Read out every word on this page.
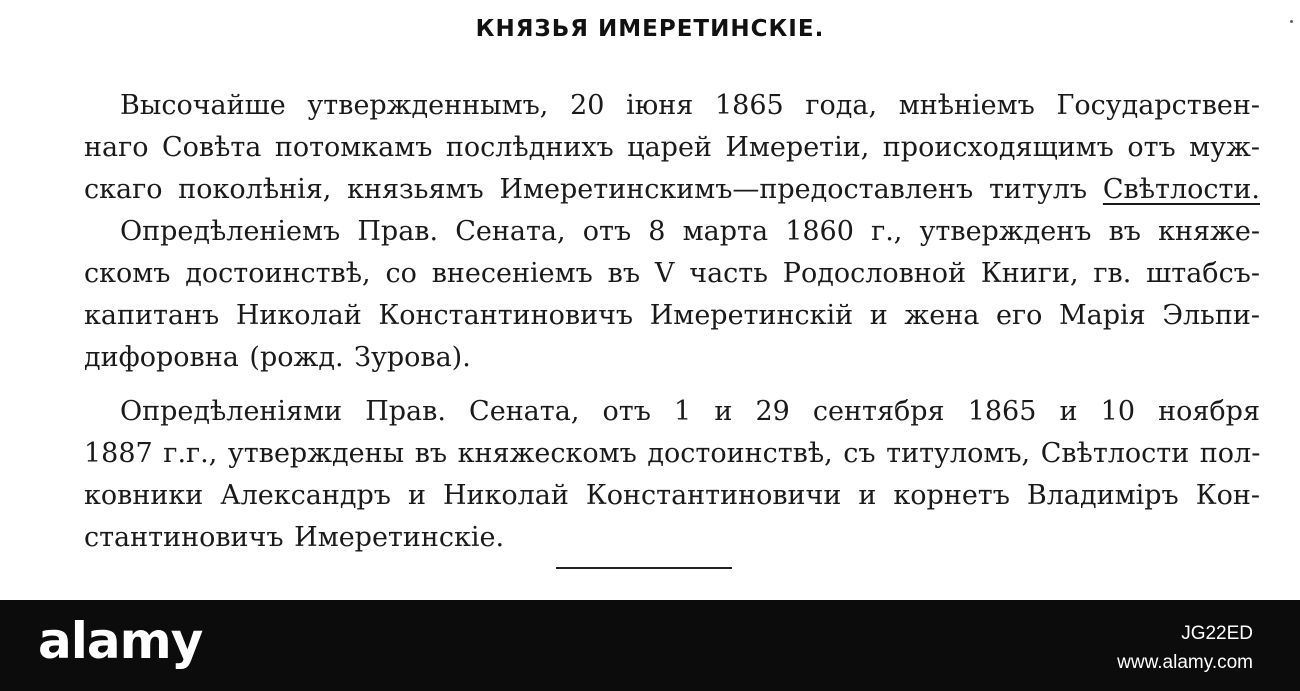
КНЯЗЬЯ ИМЕРЕТИНСКІЕ.
Высочайше утвержденнымъ, 20 іюня 1865 года, мнѣніемъ Государствен-
наго Совѣта потомкамъ послѣднихъ царей Имеретіи, происходящимъ отъ муж-
скаго поколѣнія, князьямъ Имеретинскимъ—предоставленъ титулъ Свѣтлости.
Опредѣленіемъ Прав. Сената, отъ 8 марта 1860 г., утвержденъ въ княже-
скомъ достоинствѣ, со внесеніемъ въ V часть Родословной Книги, гв. штабсъ-
капитанъ Николай Константиновичъ Имеретинскій и жена его Марія Эльпи-
дифоровна (рожд. Зурова).
Опредѣленіями Прав. Сената, отъ 1 и 29 сентября 1865 и 10 ноября
1887 г.г., утверждены въ княжескомъ достоинствѣ, съ титуломъ, Свѣтлости пол-
ковники Александръ и Николай Константиновичи и корнетъ Владиміръ Кон-
стантиновичъ Имеретинскіе.
alamy	JG22ED
www.alamy.com
